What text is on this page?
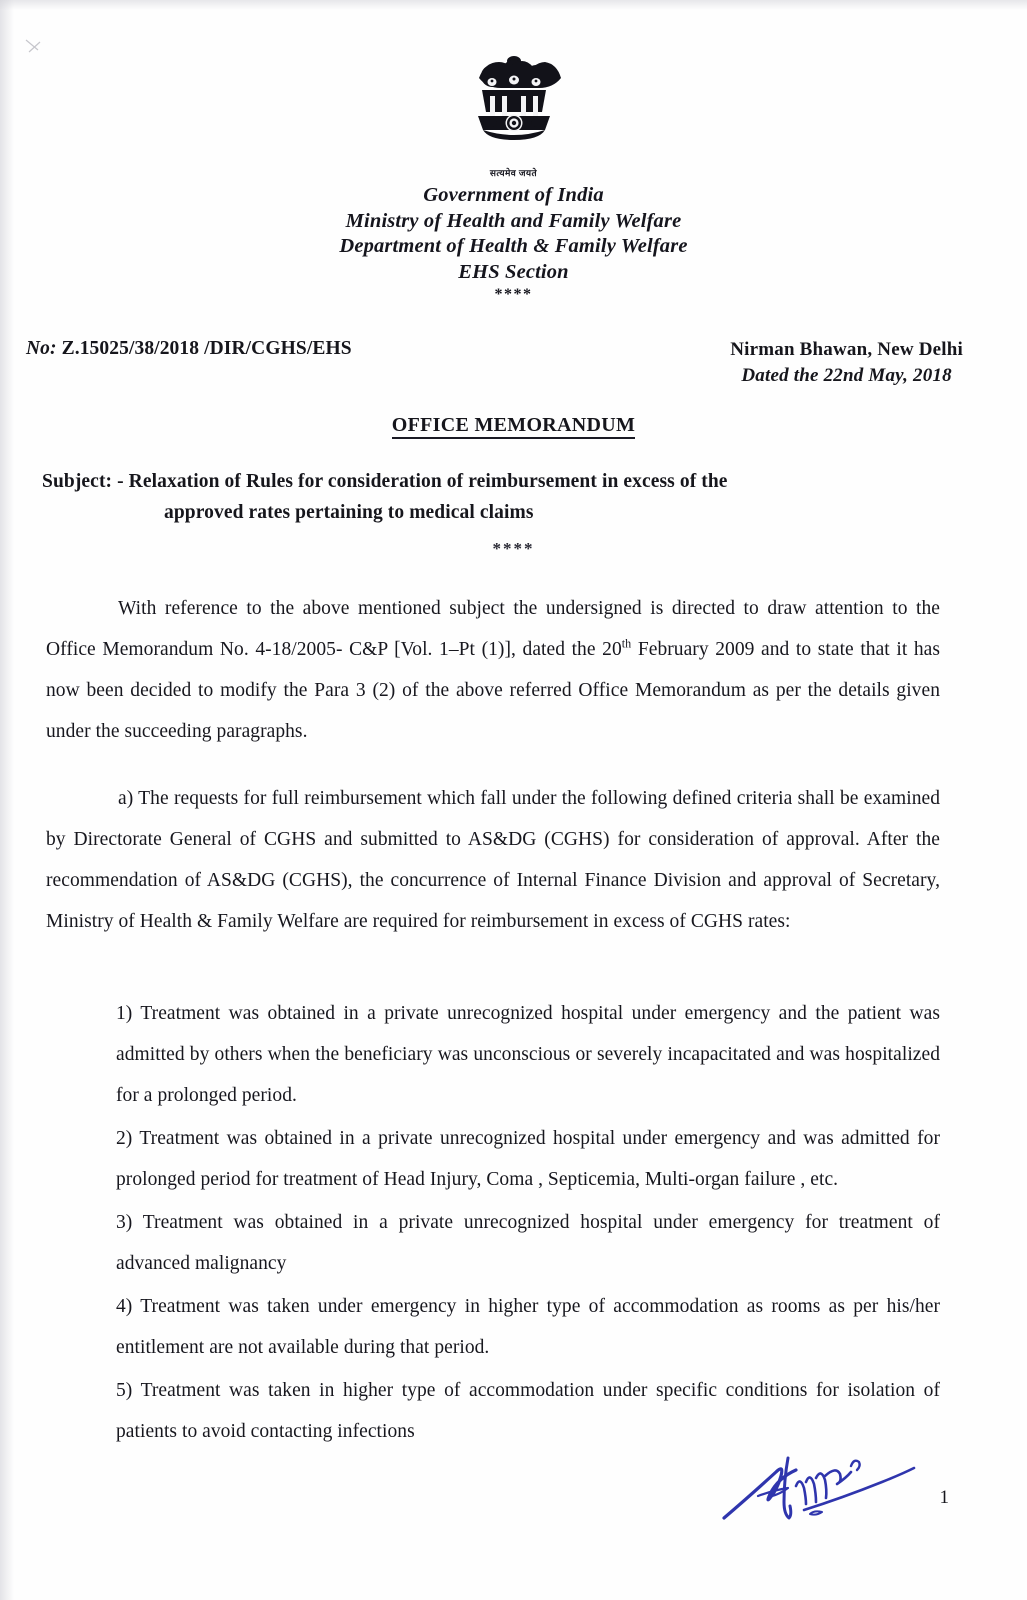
सत्यमेव जयते
Government of India
Ministry of Health and Family Welfare
Department of Health & Family Welfare
EHS Section
****
No: Z.15025/38/2018 /DIR/CGHS/EHS	Nirman Bhawan, New Delhi
Dated the 22nd May, 2018
OFFICE MEMORANDUM
Subject: - Relaxation of Rules for consideration of reimbursement in excess of the
approved rates pertaining to medical claims
****

With reference to the above mentioned subject the undersigned is directed to draw attention to the Office Memorandum No. 4-18/2005- C&P [Vol. 1–Pt (1)], dated the 20th February 2009 and to state that it has now been decided to modify the Para 3 (2) of the above referred Office Memorandum as per the details given under the succeeding paragraphs.

a) The requests for full reimbursement which fall under the following defined criteria shall be examined by Directorate General of CGHS and submitted to AS&DG (CGHS) for consideration of approval. After the recommendation of AS&DG (CGHS), the concurrence of Internal Finance Division and approval of Secretary, Ministry of Health & Family Welfare are required for reimbursement in excess of CGHS rates:

1) Treatment was obtained in a private unrecognized hospital under emergency and the patient was admitted by others when the beneficiary was unconscious or severely incapacitated and was hospitalized for a prolonged period.

2) Treatment was obtained in a private unrecognized hospital under emergency and was admitted for prolonged period for treatment of Head Injury, Coma , Septicemia, Multi-organ failure , etc.

3) Treatment was obtained in a private unrecognized hospital under emergency for treatment of advanced malignancy

4) Treatment was taken under emergency in higher type of accommodation as rooms as per his/her entitlement are not available during that period.

5) Treatment was taken in higher type of accommodation under specific conditions for isolation of patients to avoid contacting infections

1
